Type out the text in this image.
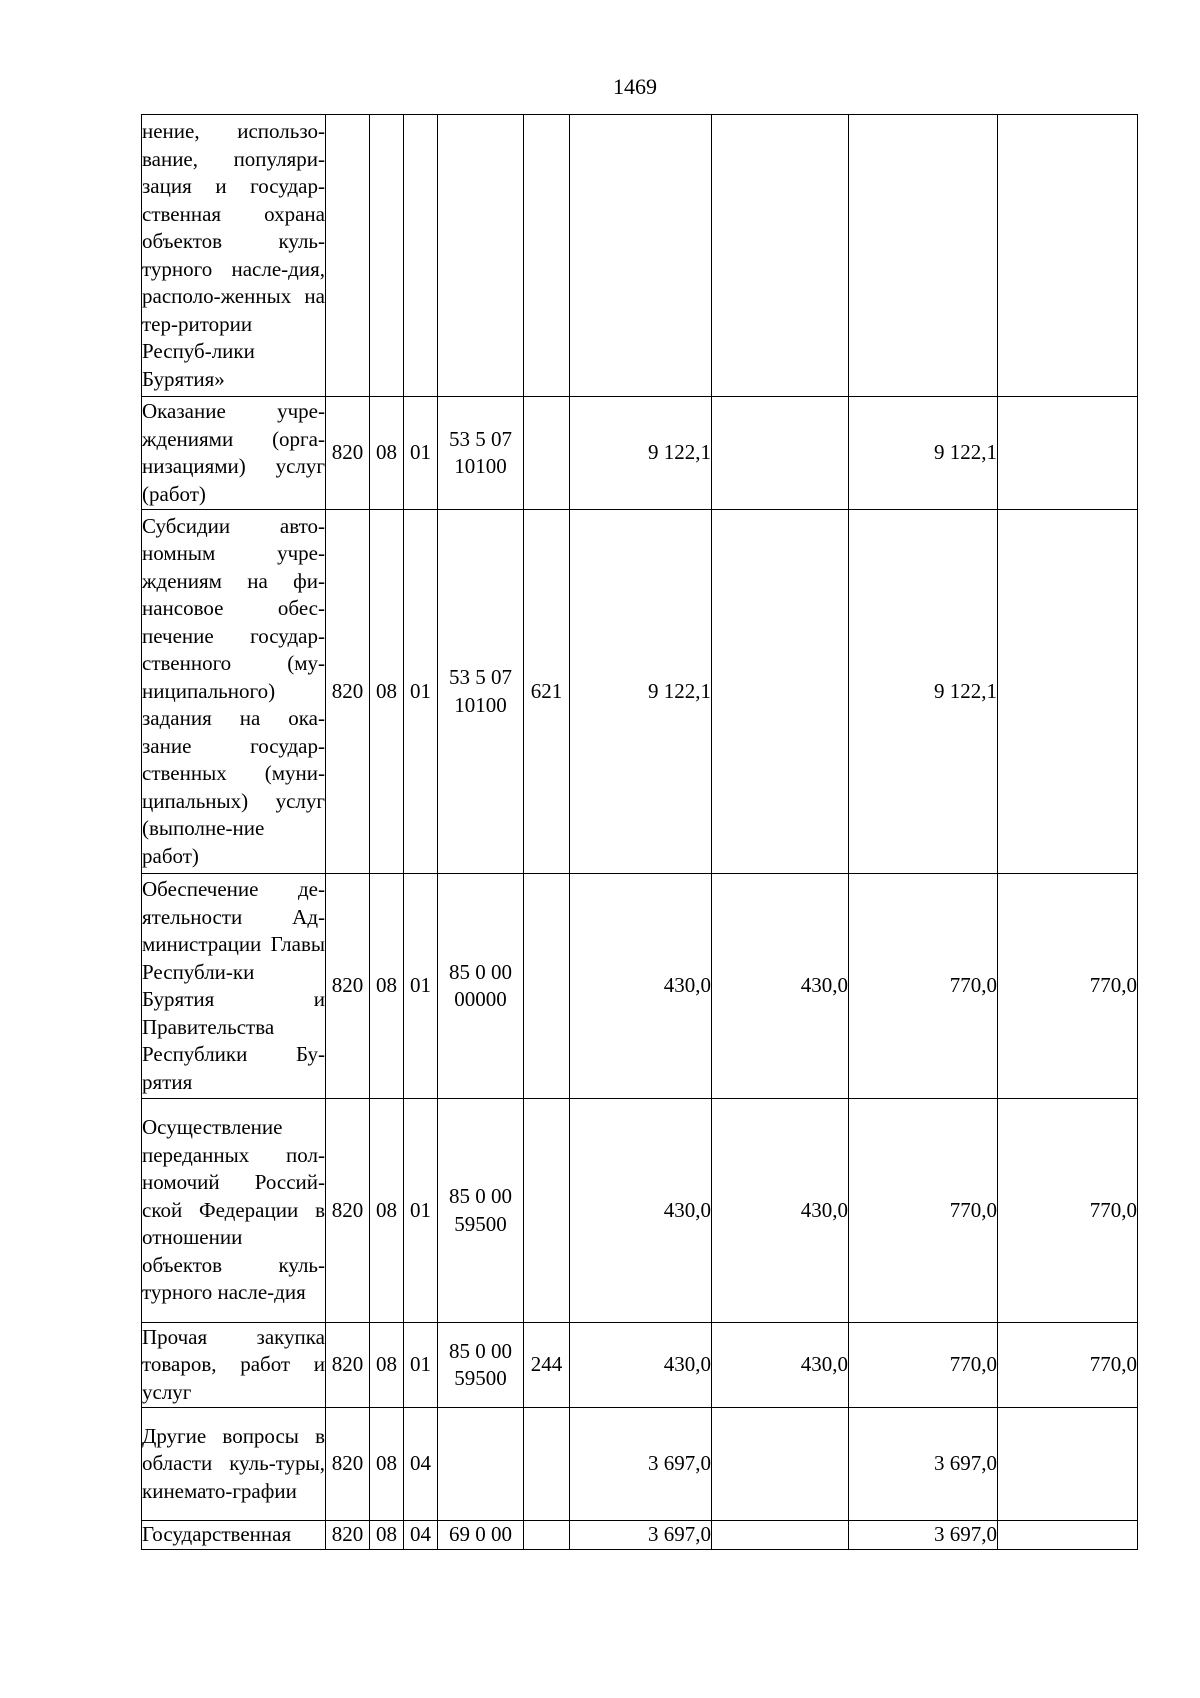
1469
нение, использо-вание, популяри-зация и государ-ственная охрана объектов куль-турного насле-дия, располо-женных на тер-ритории Респуб-лики Бурятия»									
Оказание учре-ждениями (орга-низациями) услуг (работ)	820	08	01	53 5 07 10100		9 122,1		9 122,1	
Субсидии авто-номным учре-ждениям на фи-нансовое обес-печение государ-ственного (му-ниципального) задания на ока-зание государ-ственных (муни-ципальных) услуг (выполне-ние работ)	820	08	01	53 5 07 10100	621	9 122,1		9 122,1	
Обеспечение де-ятельности Ад-министрации Главы Республи-ки Бурятия и Правительства Республики Бу-рятия	820	08	01	85 0 00 00000		430,0	430,0	770,0	770,0
Осуществление переданных пол-номочий Россий-ской Федерации в отношении объектов куль-турного насле-дия	820	08	01	85 0 00 59500		430,0	430,0	770,0	770,0
Прочая закупка товаров, работ и услуг	820	08	01	85 0 00 59500	244	430,0	430,0	770,0	770,0
Другие вопросы в области куль-туры, кинемато-графии	820	08	04			3 697,0		3 697,0	
Государственная	820	08	04	69 0 00		3 697,0		3 697,0	
